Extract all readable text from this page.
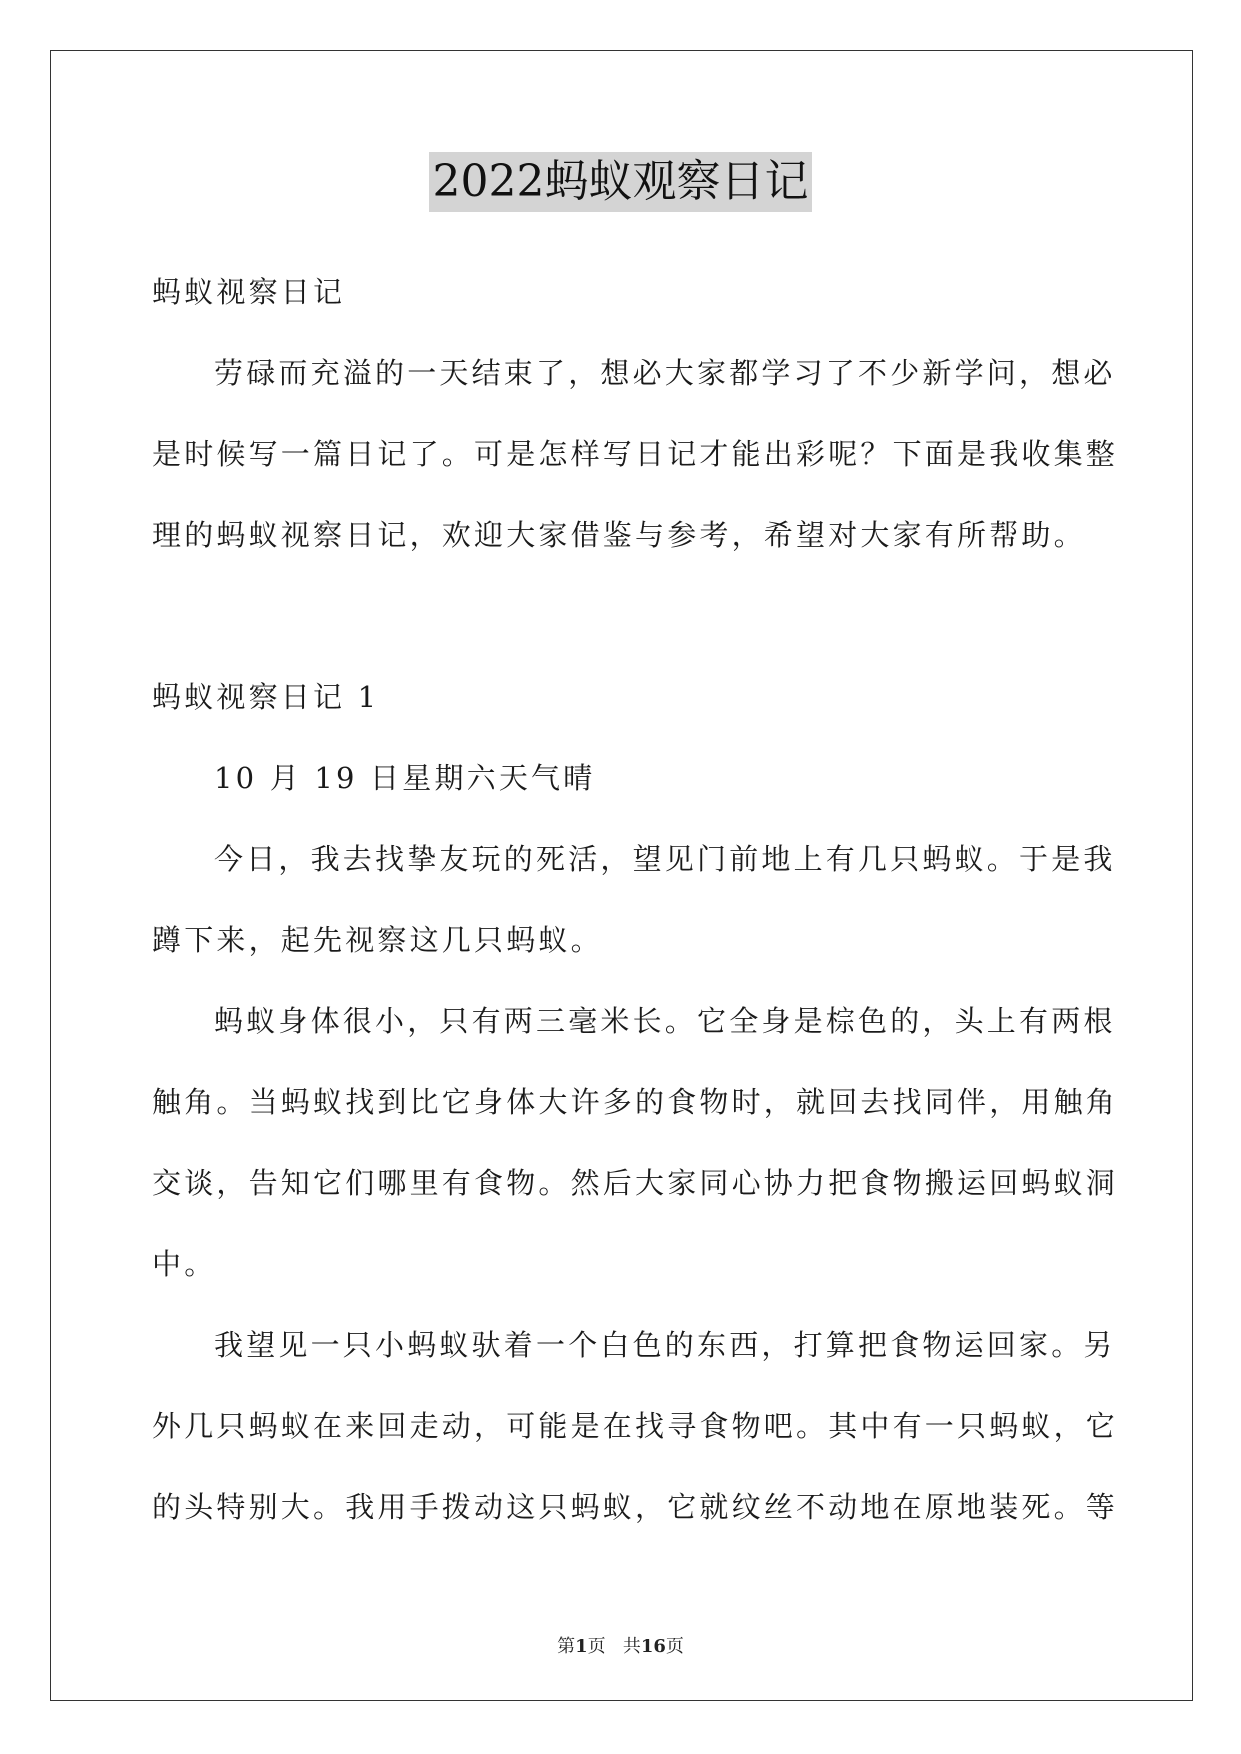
2022蚂蚁观察日记
蚂蚁视察日记
劳碌而充溢的一天结束了，想必大家都学习了不少新学问，想必
是时候写一篇日记了。可是怎样写日记才能出彩呢？下面是我收集整
理的蚂蚁视察日记，欢迎大家借鉴与参考，希望对大家有所帮助。
蚂蚁视察日记 1
10 月 19 日星期六天气晴
今日，我去找挚友玩的死活，望见门前地上有几只蚂蚁。于是我
蹲下来，起先视察这几只蚂蚁。
蚂蚁身体很小，只有两三毫米长。它全身是棕色的，头上有两根
触角。当蚂蚁找到比它身体大许多的食物时，就回去找同伴，用触角
交谈，告知它们哪里有食物。然后大家同心协力把食物搬运回蚂蚁洞
中。
我望见一只小蚂蚁驮着一个白色的东西，打算把食物运回家。另
外几只蚂蚁在来回走动，可能是在找寻食物吧。其中有一只蚂蚁，它
的头特别大。我用手拨动这只蚂蚁，它就纹丝不动地在原地装死。等
第1页 共16页
